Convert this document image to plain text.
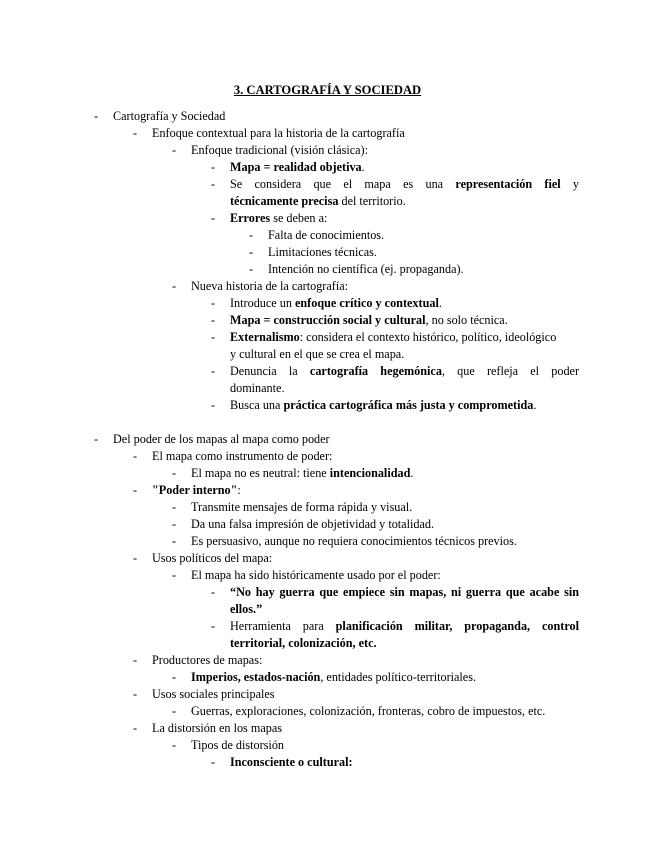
3. CARTOGRAFÍA Y SOCIEDAD
- Cartografía y Sociedad
- Enfoque contextual para la historia de la cartografía
- Enfoque tradicional (visión clásica):
- Mapa = realidad objetiva.
- Se considera que el mapa es una representación fiel y
técnicamente precisa del territorio.
- Errores se deben a:
- Falta de conocimientos.
- Limitaciones técnicas.
- Intención no científica (ej. propaganda).
- Nueva historia de la cartografía:
- Introduce un enfoque crítico y contextual.
- Mapa = construcción social y cultural, no solo técnica.
- Externalismo: considera el contexto histórico, político, ideológico
y cultural en el que se crea el mapa.
- Denuncia la cartografía hegemónica, que refleja el poder
dominante.
- Busca una práctica cartográfica más justa y comprometida.
- Del poder de los mapas al mapa como poder
- El mapa como instrumento de poder:
- El mapa no es neutral: tiene intencionalidad.
- "Poder interno":
- Transmite mensajes de forma rápida y visual.
- Da una falsa impresión de objetividad y totalidad.
- Es persuasivo, aunque no requiera conocimientos técnicos previos.
- Usos políticos del mapa:
- El mapa ha sido históricamente usado por el poder:
- “No hay guerra que empiece sin mapas, ni guerra que acabe sin
ellos.”
- Herramienta para planificación militar, propaganda, control
territorial, colonización, etc.
- Productores de mapas:
- Imperios, estados-nación, entidades político-territoriales.
- Usos sociales principales
- Guerras, exploraciones, colonización, fronteras, cobro de impuestos, etc.
- La distorsión en los mapas
- Tipos de distorsión
- Inconsciente o cultural:
